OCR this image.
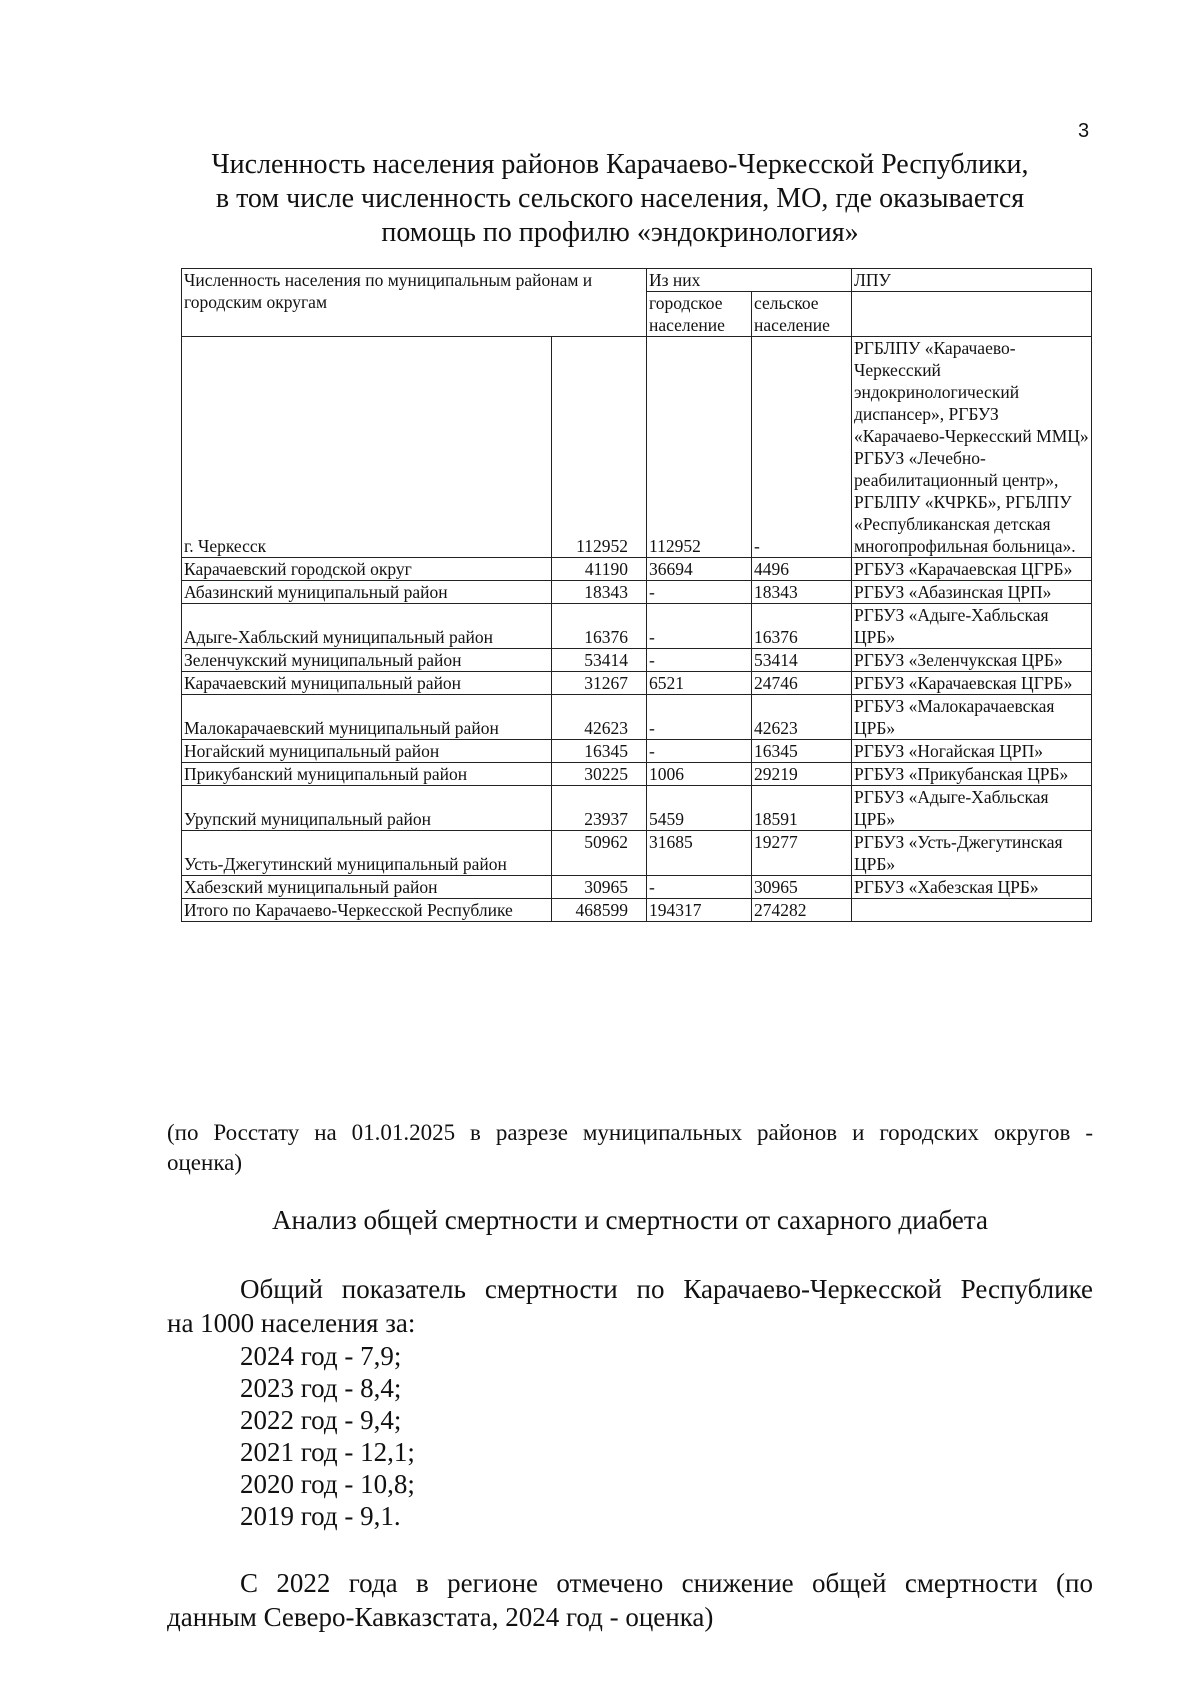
3
Численность населения районов Карачаево-Черкесской Республики,
в том числе численность сельского населения, МО, где оказывается
помощь по профилю «эндокринология»
Численность населения по муниципальным районам и городским округам		Из них		ЛПУ
		городское население	сельское население	
г. Черкесск	112952	112952	-	РГБЛПУ «Карачаево-Черкесский эндокринологический диспансер», РГБУЗ «Карачаево-Черкесский ММЦ» РГБУЗ «Лечебно-реабилитационный центр», РГБЛПУ «КЧРКБ», РГБЛПУ «Республиканская детская многопрофильная больница».
Карачаевский городской округ	41190	36694	4496	РГБУЗ «Карачаевская ЦГРБ»
Абазинский муниципальный район	18343	-	18343	РГБУЗ «Абазинская ЦРП»
Адыге-Хабльский муниципальный район	16376	-	16376	РГБУЗ «Адыге-Хабльская ЦРБ»
Зеленчукский муниципальный район	53414	-	53414	РГБУЗ «Зеленчукская ЦРБ»
Карачаевский муниципальный район	31267	6521	24746	РГБУЗ «Карачаевская ЦГРБ»
Малокарачаевский муниципальный район	42623	-	42623	РГБУЗ «Малокарачаевская ЦРБ»
Ногайский муниципальный район	16345	-	16345	РГБУЗ «Ногайская ЦРП»
Прикубанский муниципальный район	30225	1006	29219	РГБУЗ «Прикубанская ЦРБ»
Урупский муниципальный район	23937	5459	18591	РГБУЗ «Адыге-Хабльская ЦРБ»
Усть-Джегутинский муниципальный район	50962	31685	19277	РГБУЗ «Усть-Джегутинская ЦРБ»
Хабезский муниципальный район	30965	-	30965	РГБУЗ «Хабезская ЦРБ»
Итого по Карачаево-Черкесской Республике	468599	194317	274282	
(по Росстату на 01.01.2025 в разрезе муниципальных районов и городских округов -
оценка)
Анализ общей смертности и смертности от сахарного диабета
Общий показатель смертности по Карачаево-Черкесской Республике
на 1000 населения за:
2024 год - 7,9;
2023 год - 8,4;
2022 год - 9,4;
2021 год - 12,1;
2020 год - 10,8;
2019 год - 9,1.
С 2022 года в регионе отмечено снижение общей смертности (по
данным Северо-Кавказстата, 2024 год - оценка)
